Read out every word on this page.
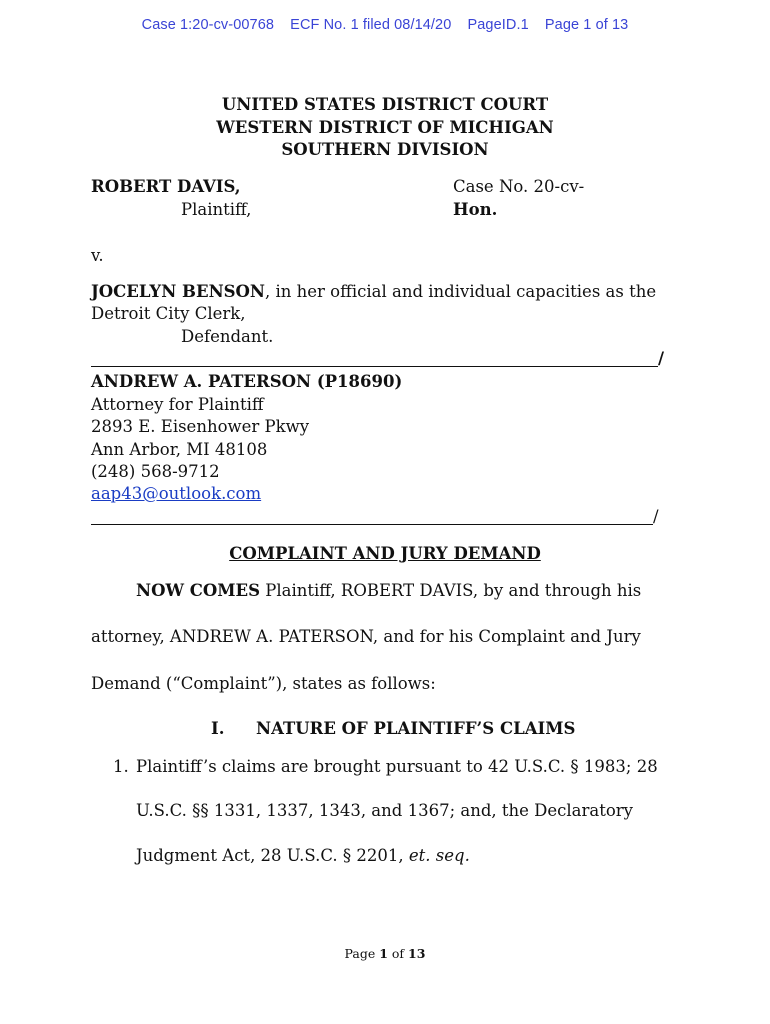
Case 1:20-cv-00768 ECF No. 1 filed 08/14/20 PageID.1 Page 1 of 13
UNITED STATES DISTRICT COURT
WESTERN DISTRICT OF MICHIGAN
SOUTHERN DIVISION
ROBERT DAVIS,
Plaintiff,
Case No. 20-cv-
Hon.
v.
JOCELYN BENSON, in her official and individual capacities as the
Detroit City Clerk,
Defendant.
/
ANDREW A. PATERSON (P18690)
Attorney for Plaintiff
2893 E. Eisenhower Pkwy
Ann Arbor, MI 48108
(248) 568-9712
aap43@outlook.com
/
COMPLAINT AND JURY DEMAND
NOW COMES Plaintiff, ROBERT DAVIS, by and through his
attorney, ANDREW A. PATERSON, and for his Complaint and Jury
Demand (“Complaint”), states as follows:
I. NATURE OF PLAINTIFF’S CLAIMS
1. Plaintiff’s claims are brought pursuant to 42 U.S.C. § 1983; 28
U.S.C. §§ 1331, 1337, 1343, and 1367; and, the Declaratory
Judgment Act, 28 U.S.C. § 2201, et. seq.
Page 1 of 13
